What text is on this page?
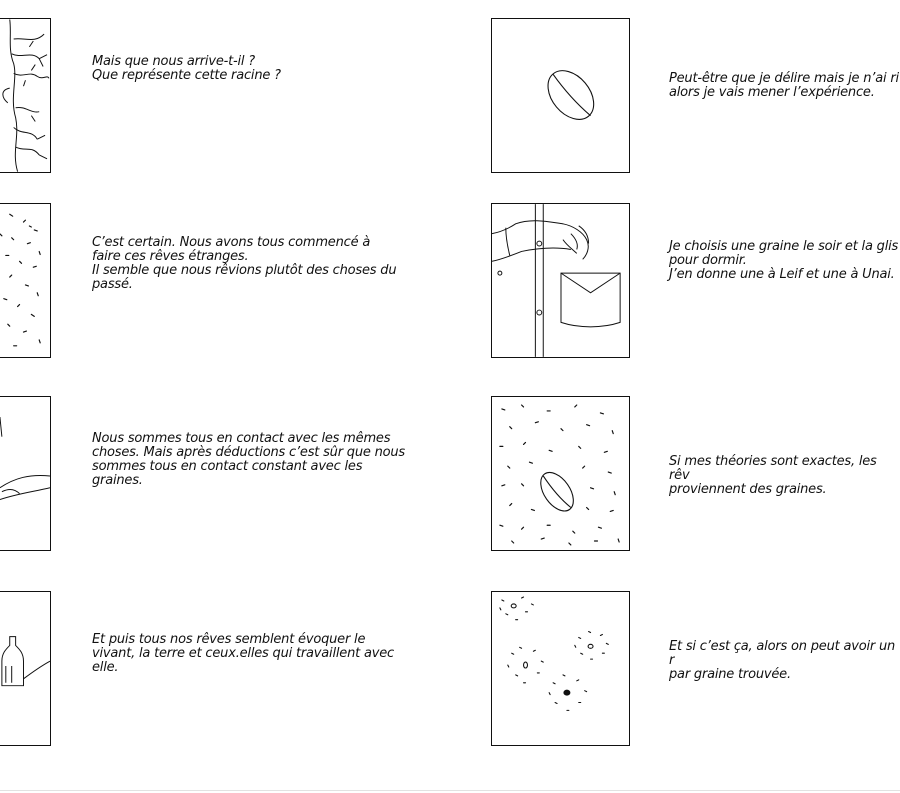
Mais que nous arrive-t-il ?
Que représente cette racine ?

C’est certain. Nous avons tous commencé à
faire ces rêves étranges.
Il semble que nous rêvions plutôt des choses du
passé.

Nous sommes tous en contact avec les mêmes
choses. Mais après déductions c’est sûr que nous
sommes tous en contact constant avec les
graines.

Et puis tous nos rêves semblent évoquer le
vivant, la terre et ceux.elles qui travaillent avec
elle.

Peut-être que je délire mais je n’ai ri
alors je vais mener l’expérience.

Je choisis une graine le soir et la glis
pour dormir.
J’en donne une à Leif et une à Unai.

Si mes théories sont exactes, les rêv
proviennent des graines.

Et si c’est ça, alors on peut avoir un r
par graine trouvée.
